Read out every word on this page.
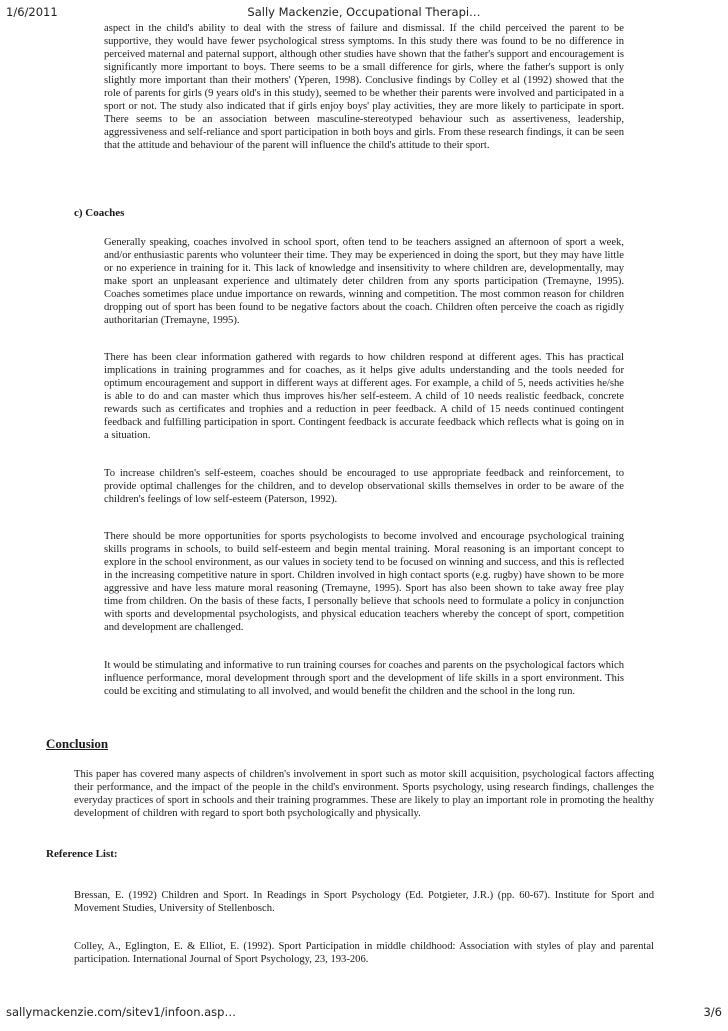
1/6/2011	Sally Mackenzie, Occupational Therapi…

aspect in the child's ability to deal with the stress of failure and dismissal. If the child perceived the parent to be supportive, they would have fewer psychological stress symptoms. In this study there was found to be no difference in perceived maternal and paternal support, although other studies have shown that the father's support and encouragement is significantly more important to boys. There seems to be a small difference for girls, where the father's support is only slightly more important than their mothers' (Yperen, 1998). Conclusive findings by Colley et al (1992) showed that the role of parents for girls (9 years old's in this study), seemed to be whether their parents were involved and participated in a sport or not. The study also indicated that if girls enjoy boys' play activities, they are more likely to participate in sport. There seems to be an association between masculine-stereotyped behaviour such as assertiveness, leadership, aggressiveness and self-reliance and sport participation in both boys and girls. From these research findings, it can be seen that the attitude and behaviour of the parent will influence the child's attitude to their sport.

c) Coaches

Generally speaking, coaches involved in school sport, often tend to be teachers assigned an afternoon of sport a week, and/or enthusiastic parents who volunteer their time. They may be experienced in doing the sport, but they may have little or no experience in training for it. This lack of knowledge and insensitivity to where children are, developmentally, may make sport an unpleasant experience and ultimately deter children from any sports participation (Tremayne, 1995). Coaches sometimes place undue importance on rewards, winning and competition. The most common reason for children dropping out of sport has been found to be negative factors about the coach. Children often perceive the coach as rigidly authoritarian (Tremayne, 1995).

There has been clear information gathered with regards to how children respond at different ages. This has practical implications in training programmes and for coaches, as it helps give adults understanding and the tools needed for optimum encouragement and support in different ways at different ages. For example, a child of 5, needs activities he/she is able to do and can master which thus improves his/her self-esteem. A child of 10 needs realistic feedback, concrete rewards such as certificates and trophies and a reduction in peer feedback. A child of 15 needs continued contingent feedback and fulfilling participation in sport. Contingent feedback is accurate feedback which reflects what is going on in a situation.

To increase children's self-esteem, coaches should be encouraged to use appropriate feedback and reinforcement, to provide optimal challenges for the children, and to develop observational skills themselves in order to be aware of the children's feelings of low self-esteem (Paterson, 1992).

There should be more opportunities for sports psychologists to become involved and encourage psychological training skills programs in schools, to build self-esteem and begin mental training. Moral reasoning is an important concept to explore in the school environment, as our values in society tend to be focused on winning and success, and this is reflected in the increasing competitive nature in sport. Children involved in high contact sports (e.g. rugby) have shown to be more aggressive and have less mature moral reasoning (Tremayne, 1995). Sport has also been shown to take away free play time from children. On the basis of these facts, I personally believe that schools need to formulate a policy in conjunction with sports and developmental psychologists, and physical education teachers whereby the concept of sport, competition and development are challenged.

It would be stimulating and informative to run training courses for coaches and parents on the psychological factors which influence performance, moral development through sport and the development of life skills in a sport environment. This could be exciting and stimulating to all involved, and would benefit the children and the school in the long run.

Conclusion

This paper has covered many aspects of children's involvement in sport such as motor skill acquisition, psychological factors affecting their performance, and the impact of the people in the child's environment. Sports psychology, using research findings, challenges the everyday practices of sport in schools and their training programmes. These are likely to play an important role in promoting the healthy development of children with regard to sport both psychologically and physically.

Reference List:

Bressan, E. (1992) Children and Sport. In Readings in Sport Psychology (Ed. Potgieter, J.R.) (pp. 60-67). Institute for Sport and Movement Studies, University of Stellenbosch.

Colley, A., Eglington, E. & Elliot, E. (1992). Sport Participation in middle childhood: Association with styles of play and parental participation. International Journal of Sport Psychology, 23, 193-206.

sallymackenzie.com/sitev1/infoon.asp…	3/6
